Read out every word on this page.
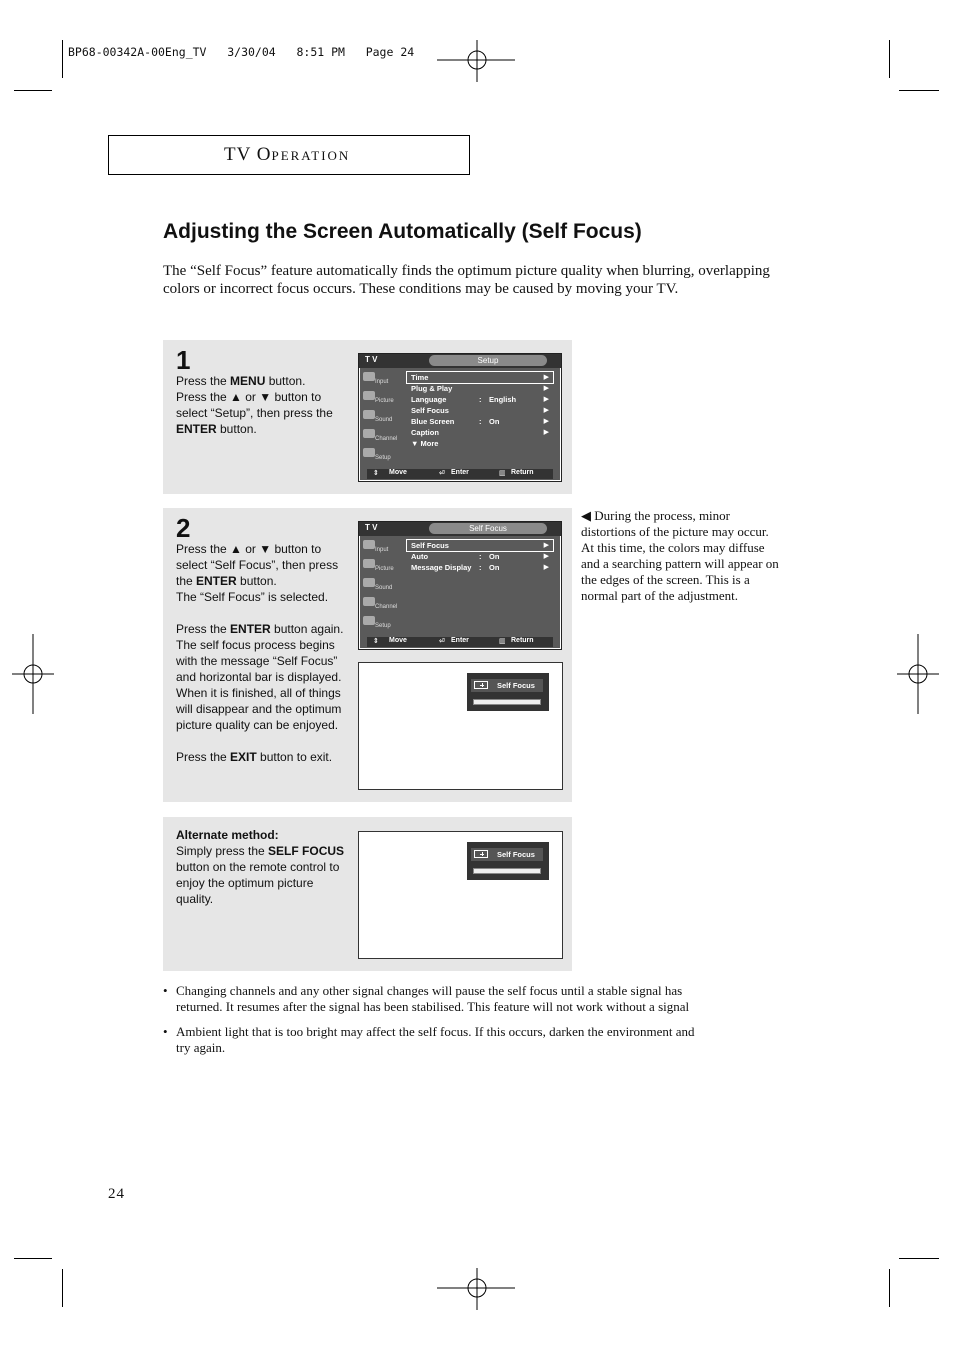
BP68-00342A-00Eng_TV   3/30/04   8:51 PM   Page 24
TV OPERATION
Adjusting the Screen Automatically (Self Focus)
The “Self Focus” feature automatically finds the optimum picture quality when blurring, overlapping colors or incorrect focus occurs. These conditions may be caused by moving your TV.
1

Press the MENU button.

Press the ▲ or ▼ button to

select “Setup”, then press the

ENTER button.

T V	Setup
Input
Picture
Sound
Channel
Setup
Time	▶
Plug & Play	▶
Language	: English	▶
Self Focus	▶
Blue Screen	: On	▶
Caption	▶
▼ More
⇕ Move	⏎ Enter	▥ Return
2

Press the ▲ or ▼ button to

select “Self Focus”, then press

the ENTER button.

The “Self Focus” is selected.

Press the ENTER button again.

The self focus process begins

with the message “Self Focus”

and horizontal bar is displayed.

When it is finished, all of things

will disappear and the optimum

picture quality can be enjoyed.

Press the EXIT button to exit.

T V	Self Focus
Input
Picture
Sound
Channel
Setup
Self Focus	▶
Auto	: On	▶
Message Display : On	▶
⇕ Move	⏎ Enter	▥ Return
Self Focus

Alternate method:

Simply press the SELF FOCUS

button on the remote control to

enjoy the optimum picture

quality.

Self Focus
◀ During the process, minor distortions of the picture may occur. At this time, the colors may diffuse and a searching pattern will appear on the edges of the screen. This is a normal part of the adjustment.
• Changing channels and any other signal changes will pause the self focus until a stable signal has
returned. It resumes after the signal has been stabilised. This feature will not work without a signal
• Ambient light that is too bright may affect the self focus. If this occurs, darken the environment and
try again.
24
